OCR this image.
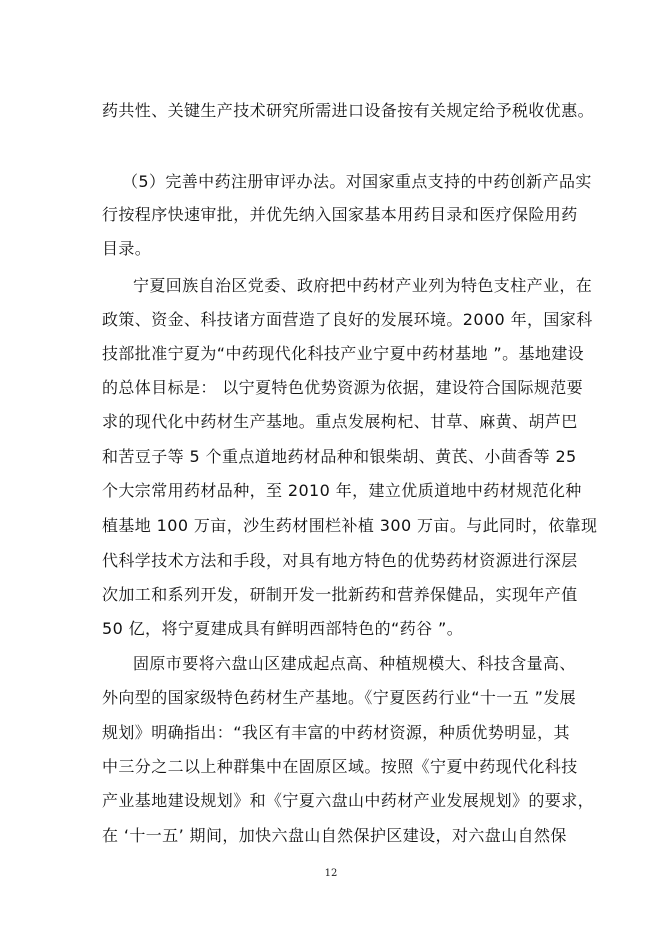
药共性、关键生产技术研究所需进口设备按有关规定给予税收优惠。
（5）完善中药注册审评办法。对国家重点支持的中药创新产品实
行按程序快速审批，并优先纳入国家基本用药目录和医疗保险用药
目录。
宁夏回族自治区党委、政府把中药材产业列为特色支柱产业，在
政策、资金、科技诸方面营造了良好的发展环境。2000 年，国家科
技部批准宁夏为“中药现代化科技产业宁夏中药材基地 ”。基地建设
的总体目标是： 以宁夏特色优势资源为依据，建设符合国际规范要
求的现代化中药材生产基地。重点发展枸杞、甘草、麻黄、胡芦巴
和苦豆子等 5 个重点道地药材品种和银柴胡、黄芪、小茴香等 25
个大宗常用药材品种，至 2010 年，建立优质道地中药材规范化种
植基地 100 万亩，沙生药材围栏补植 300 万亩。与此同时，依靠现
代科学技术方法和手段，对具有地方特色的优势药材资源进行深层
次加工和系列开发，研制开发一批新药和营养保健品，实现年产值
50 亿，将宁夏建成具有鲜明西部特色的“药谷 ”。
固原市要将六盘山区建成起点高、种植规模大、科技含量高、
外向型的国家级特色药材生产基地。《宁夏医药行业“十一五 ”发展
规划》明确指出：“我区有丰富的中药材资源，种质优势明显，其
中三分之二以上种群集中在固原区域。按照《宁夏中药现代化科技
产业基地建设规划》和《宁夏六盘山中药材产业发展规划》的要求，
在 ‘十一五’ 期间，加快六盘山自然保护区建设，对六盘山自然保
12
